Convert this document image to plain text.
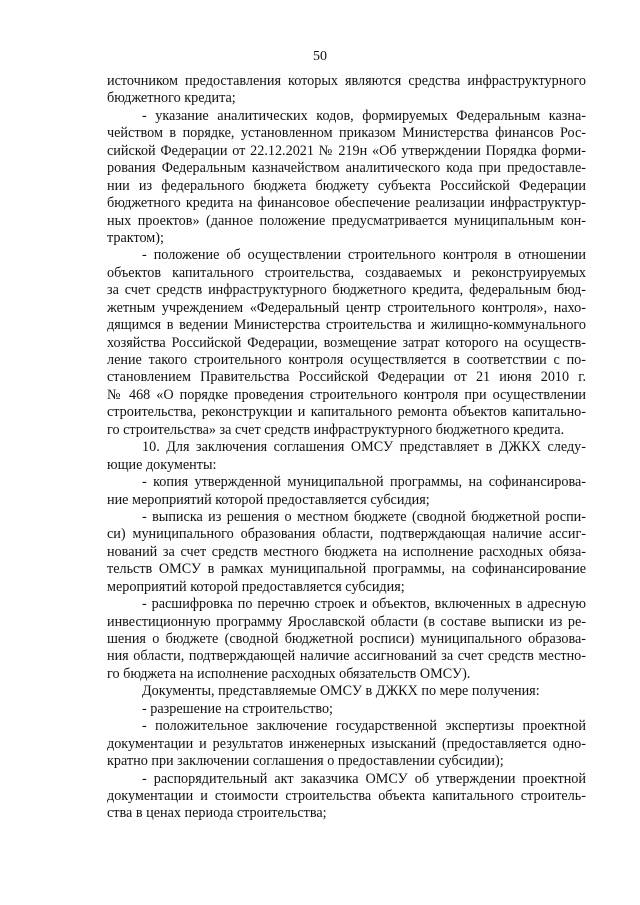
50
источником предоставления которых являются средства инфраструктурного
бюджетного кредита;
- указание аналитических кодов, формируемых Федеральным казна-
чейством в порядке, установленном приказом Министерства финансов Рос-
сийской Федерации от 22.12.2021 № 219н «Об утверждении Порядка форми-
рования Федеральным казначейством аналитического кода при предоставле-
нии из федерального бюджета бюджету субъекта Российской Федерации
бюджетного кредита на финансовое обеспечение реализации инфраструктур-
ных проектов» (данное положение предусматривается муниципальным кон-
трактом);
- положение об осуществлении строительного контроля в отношении
объектов капитального строительства, создаваемых и реконструируемых
за счет средств инфраструктурного бюджетного кредита, федеральным бюд-
жетным учреждением «Федеральный центр строительного контроля», нахо-
дящимся в ведении Министерства строительства и жилищно-коммунального
хозяйства Российской Федерации, возмещение затрат которого на осуществ-
ление такого строительного контроля осуществляется в соответствии с по-
становлением Правительства Российской Федерации от 21 июня 2010 г.
№ 468 «О порядке проведения строительного контроля при осуществлении
строительства, реконструкции и капитального ремонта объектов капитально-
го строительства» за счет средств инфраструктурного бюджетного кредита.
10. Для заключения соглашения ОМСУ представляет в ДЖКХ следу-
ющие документы:
- копия утвержденной муниципальной программы, на софинансирова-
ние мероприятий которой предоставляется субсидия;
- выписка из решения о местном бюджете (сводной бюджетной роспи-
си) муниципального образования области, подтверждающая наличие ассиг-
нований за счет средств местного бюджета на исполнение расходных обяза-
тельств ОМСУ в рамках муниципальной программы, на софинансирование
мероприятий которой предоставляется субсидия;
- расшифровка по перечню строек и объектов, включенных в адресную
инвестиционную программу Ярославской области (в составе выписки из ре-
шения о бюджете (сводной бюджетной росписи) муниципального образова-
ния области, подтверждающей наличие ассигнований за счет средств местно-
го бюджета на исполнение расходных обязательств ОМСУ).
Документы, представляемые ОМСУ в ДЖКХ по мере получения:
- разрешение на строительство;
- положительное заключение государственной экспертизы проектной
документации и результатов инженерных изысканий (предоставляется одно-
кратно при заключении соглашения о предоставлении субсидии);
- распорядительный акт заказчика ОМСУ об утверждении проектной
документации и стоимости строительства объекта капитального строитель-
ства в ценах периода строительства;
